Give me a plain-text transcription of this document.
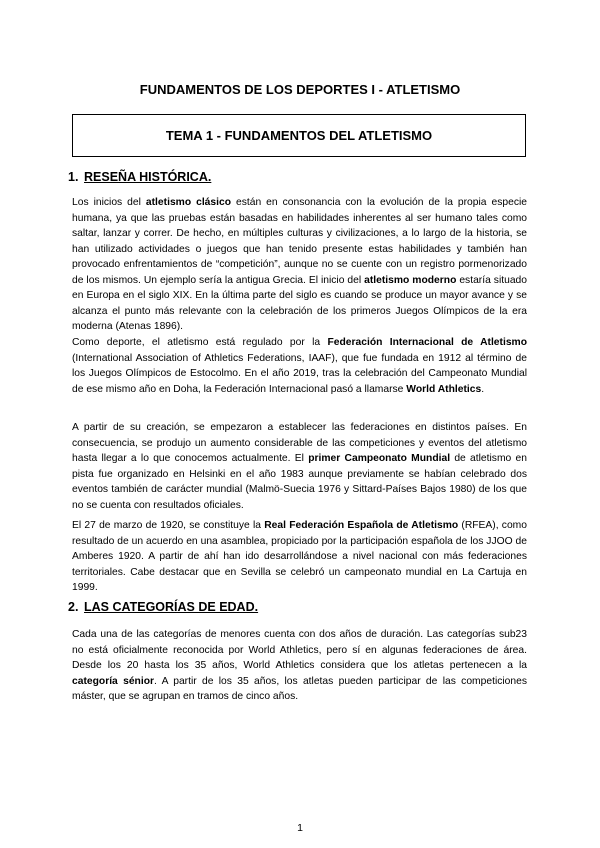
FUNDAMENTOS DE LOS DEPORTES I - ATLETISMO
TEMA 1 - FUNDAMENTOS DEL ATLETISMO
1. RESEÑA HISTÓRICA.

Los inicios del atletismo clásico están en consonancia con la evolución de la propia especie humana, ya que las pruebas están basadas en habilidades inherentes al ser humano tales como saltar, lanzar y correr. De hecho, en múltiples culturas y civilizaciones, a lo largo de la historia, se han utilizado actividades o juegos que han tenido presente estas habilidades y también han provocado enfrentamientos de “competición”, aunque no se cuente con un registro pormenorizado de los mismos. Un ejemplo sería la antigua Grecia. El inicio del atletismo moderno estaría situado en Europa en el siglo XIX. En la última parte del siglo es cuando se produce un mayor avance y se alcanza el punto más relevante con la celebración de los primeros Juegos Olímpicos de la era moderna (Atenas 1896).

Como deporte, el atletismo está regulado por la Federación Internacional de Atletismo (International Association of Athletics Federations, IAAF), que fue fundada en 1912 al término de los Juegos Olímpicos de Estocolmo. En el año 2019, tras la celebración del Campeonato Mundial de ese mismo año en Doha, la Federación Internacional pasó a llamarse World Athletics.

A partir de su creación, se empezaron a establecer las federaciones en distintos países. En consecuencia, se produjo un aumento considerable de las competiciones y eventos del atletismo hasta llegar a lo que conocemos actualmente. El primer Campeonato Mundial de atletismo en pista fue organizado en Helsinki en el año 1983 aunque previamente se habían celebrado dos eventos también de carácter mundial (Malmö-Suecia 1976 y Sittard-Países Bajos 1980) de los que no se cuenta con resultados oficiales.

El 27 de marzo de 1920, se constituye la Real Federación Española de Atletismo (RFEA), como resultado de un acuerdo en una asamblea, propiciado por la participación española de los JJOO de Amberes 1920. A partir de ahí han ido desarrollándose a nivel nacional con más federaciones territoriales. Cabe destacar que en Sevilla se celebró un campeonato mundial en La Cartuja en 1999.

2. LAS CATEGORÍAS DE EDAD.

Cada una de las categorías de menores cuenta con dos años de duración. Las categorías sub23 no está oficialmente reconocida por World Athletics, pero sí en algunas federaciones de área. Desde los 20 hasta los 35 años, World Athletics considera que los atletas pertenecen a la categoría sénior. A partir de los 35 años, los atletas pueden participar de las competiciones máster, que se agrupan en tramos de cinco años.

1
